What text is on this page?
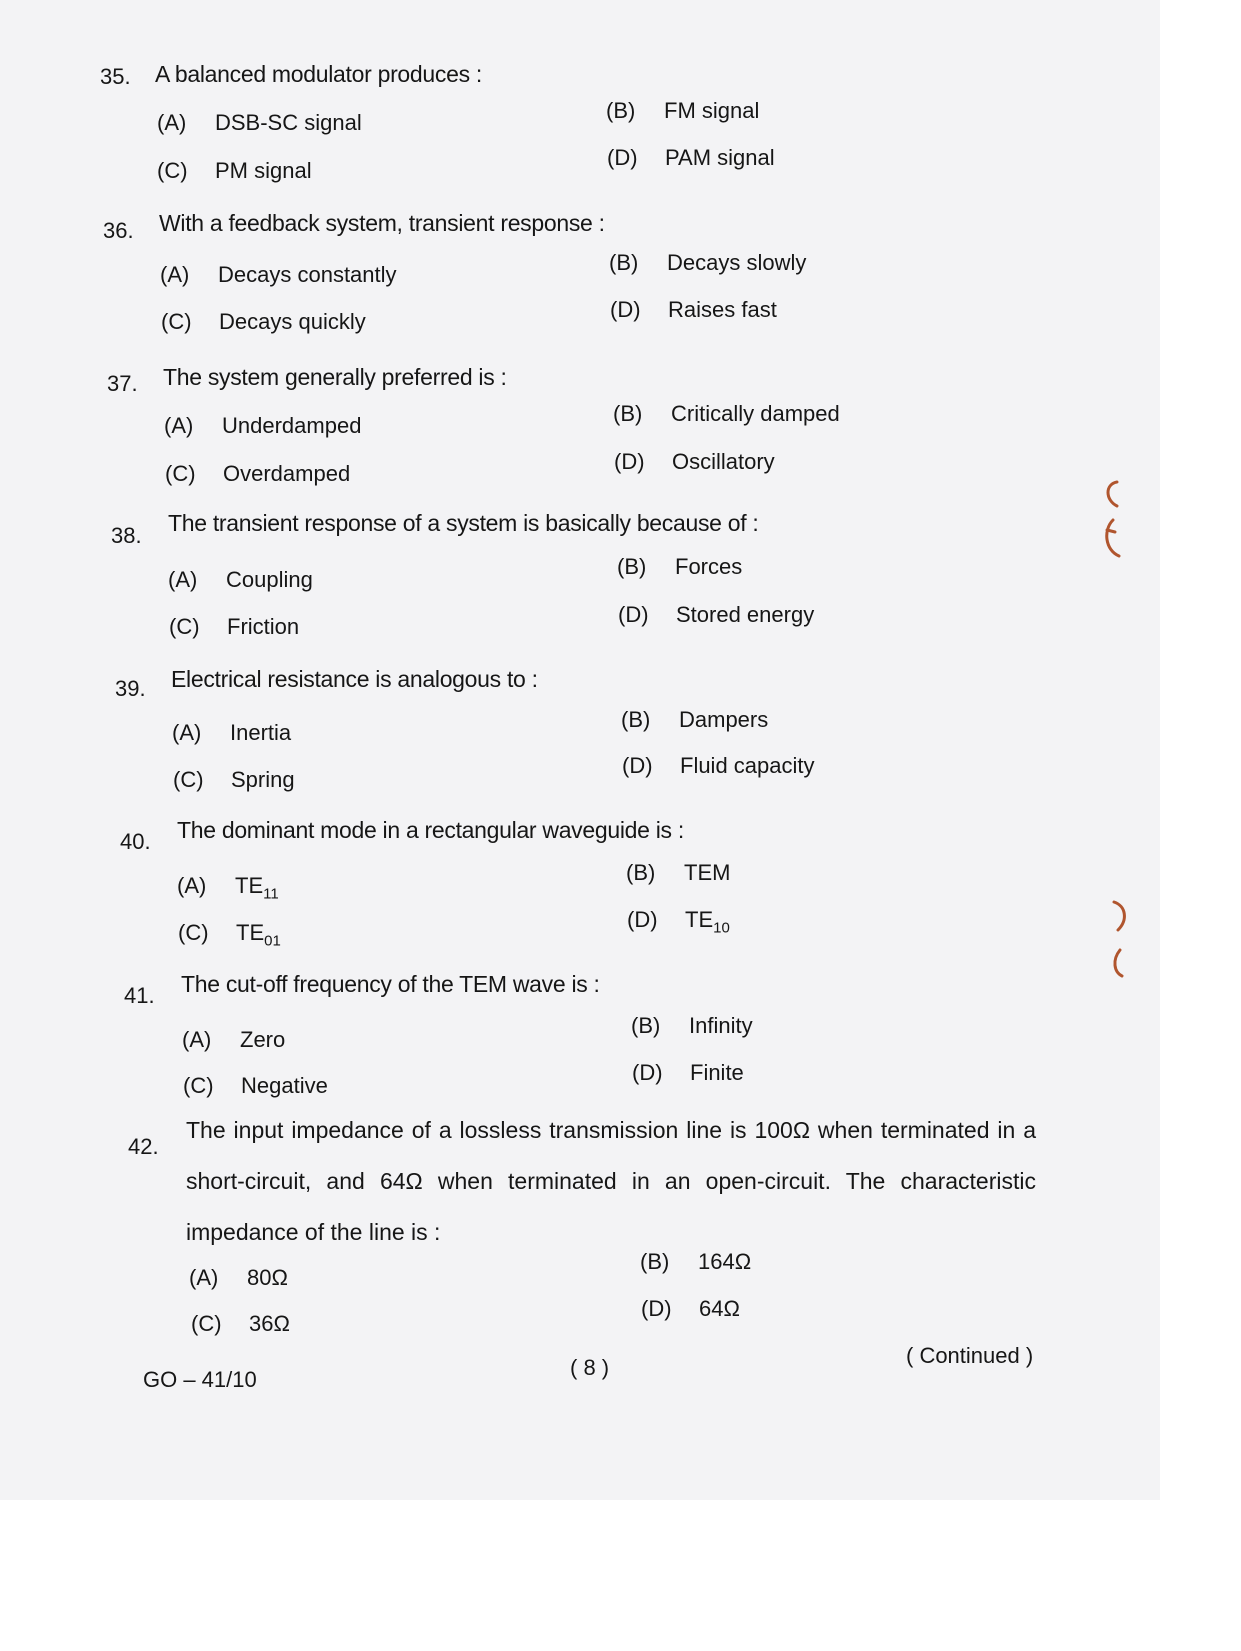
35. A balanced modulator produces :
(A) DSB-SC signal	(B) FM signal
(C) PM signal
(D) PAM signal
36. With a feedback system, transient response :
(A) Decays constantly	(B) Decays slowly
(C) Decays quickly	(D) Raises fast
37. The system generally preferred is :
(A) Underdamped	(B) Critically damped
(C) Overdamped	(D) Oscillatory
38. The transient response of a system is basically because of :
(A) Coupling
(B) Forces
(C) Friction	(D) Stored energy
39. Electrical resistance is analogous to :
(A) Inertia
(B) Dampers
(C) Spring
(D) Fluid capacity
40. The dominant mode in a rectangular waveguide is :
(A) $TE_{11}$
(B) TEM
(C) $TE_{01}$
(D) $TE_{10}$
41. The cut-off frequency of the TEM wave is :
(A) Zero
(B) Infinity
(C) Negative
(D) Finite
42.
The input impedance of a lossless transmission line is 100Ω when terminated in a short-circuit, and 64Ω when terminated in an open-circuit. The characteristic impedance of the line is :
(A) 80Ω
(B) 164Ω
(C) 36Ω
(D) 64Ω
GO – 41/10	( 8 )	( Continued )
